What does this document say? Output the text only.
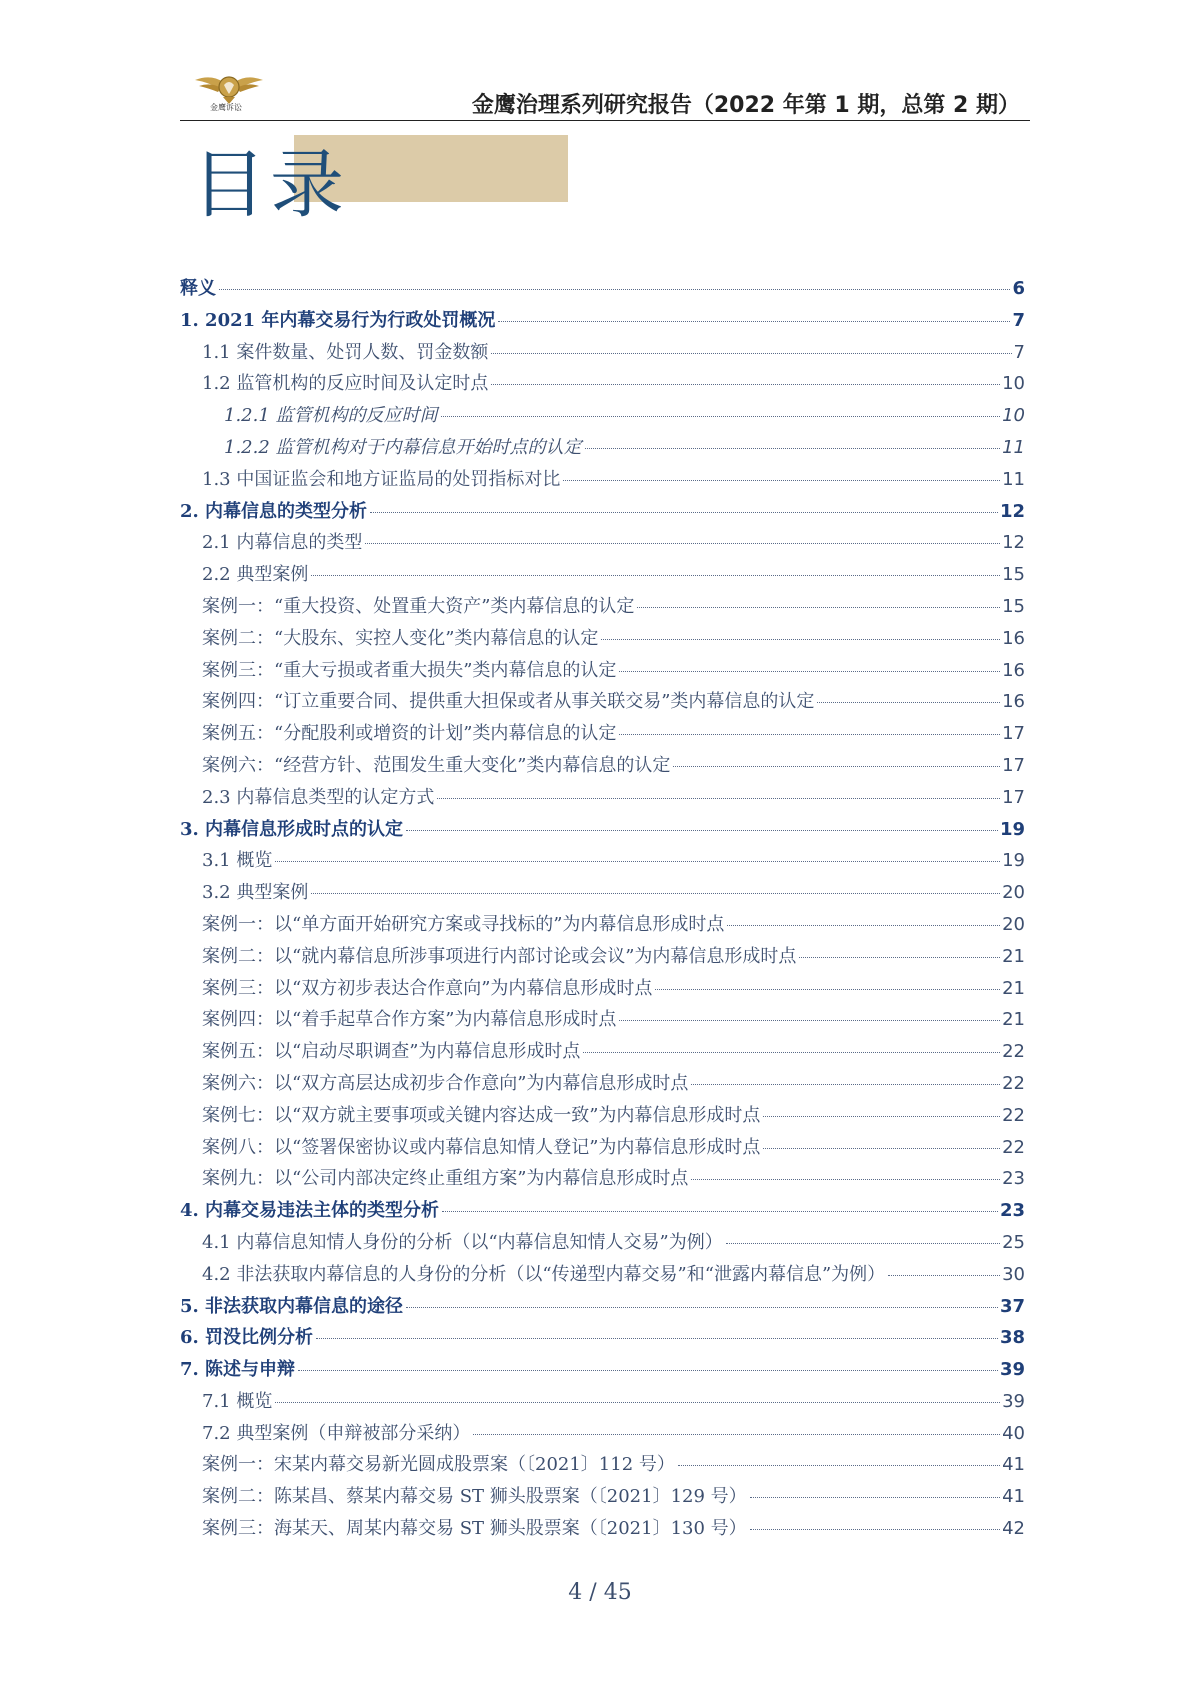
金鹰诉讼	金鹰治理系列研究报告（2022 年第 1 期，总第 2 期）
目录
释义	6
1. 2021 年内幕交易行为行政处罚概况	7
1.1 案件数量、处罚人数、罚金数额	7
1.2 监管机构的反应时间及认定时点	10
1.2.1 监管机构的反应时间	10
1.2.2 监管机构对于内幕信息开始时点的认定	11
1.3 中国证监会和地方证监局的处罚指标对比	11
2. 内幕信息的类型分析	12
2.1 内幕信息的类型	12
2.2 典型案例	15
案例一：“重大投资、处置重大资产”类内幕信息的认定	15
案例二：“大股东、实控人变化”类内幕信息的认定	16
案例三：“重大亏损或者重大损失”类内幕信息的认定	16
案例四：“订立重要合同、提供重大担保或者从事关联交易”类内幕信息的认定	16
案例五：“分配股利或增资的计划”类内幕信息的认定	17
案例六：“经营方针、范围发生重大变化”类内幕信息的认定	17
2.3 内幕信息类型的认定方式	17
3. 内幕信息形成时点的认定	19
3.1 概览	19
3.2 典型案例	20
案例一：以“单方面开始研究方案或寻找标的”为内幕信息形成时点	20
案例二：以“就内幕信息所涉事项进行内部讨论或会议”为内幕信息形成时点	21
案例三：以“双方初步表达合作意向”为内幕信息形成时点	21
案例四：以“着手起草合作方案”为内幕信息形成时点	21
案例五：以“启动尽职调查”为内幕信息形成时点	22
案例六：以“双方高层达成初步合作意向”为内幕信息形成时点	22
案例七：以“双方就主要事项或关键内容达成一致”为内幕信息形成时点	22
案例八：以“签署保密协议或内幕信息知情人登记”为内幕信息形成时点	22
案例九：以“公司内部决定终止重组方案”为内幕信息形成时点	23
4. 内幕交易违法主体的类型分析	23
4.1 内幕信息知情人身份的分析（以“内幕信息知情人交易”为例）	25
4.2 非法获取内幕信息的人身份的分析（以“传递型内幕交易”和“泄露内幕信息”为例）	30
5. 非法获取内幕信息的途径	37
6. 罚没比例分析	38
7. 陈述与申辩	39
7.1 概览	39
7.2 典型案例（申辩被部分采纳）	40
案例一：宋某内幕交易新光圆成股票案（〔2021〕112 号）	41
案例二：陈某昌、蔡某内幕交易 ST 狮头股票案（〔2021〕129 号）	41
案例三：海某天、周某内幕交易 ST 狮头股票案（〔2021〕130 号）	42
4 / 45
